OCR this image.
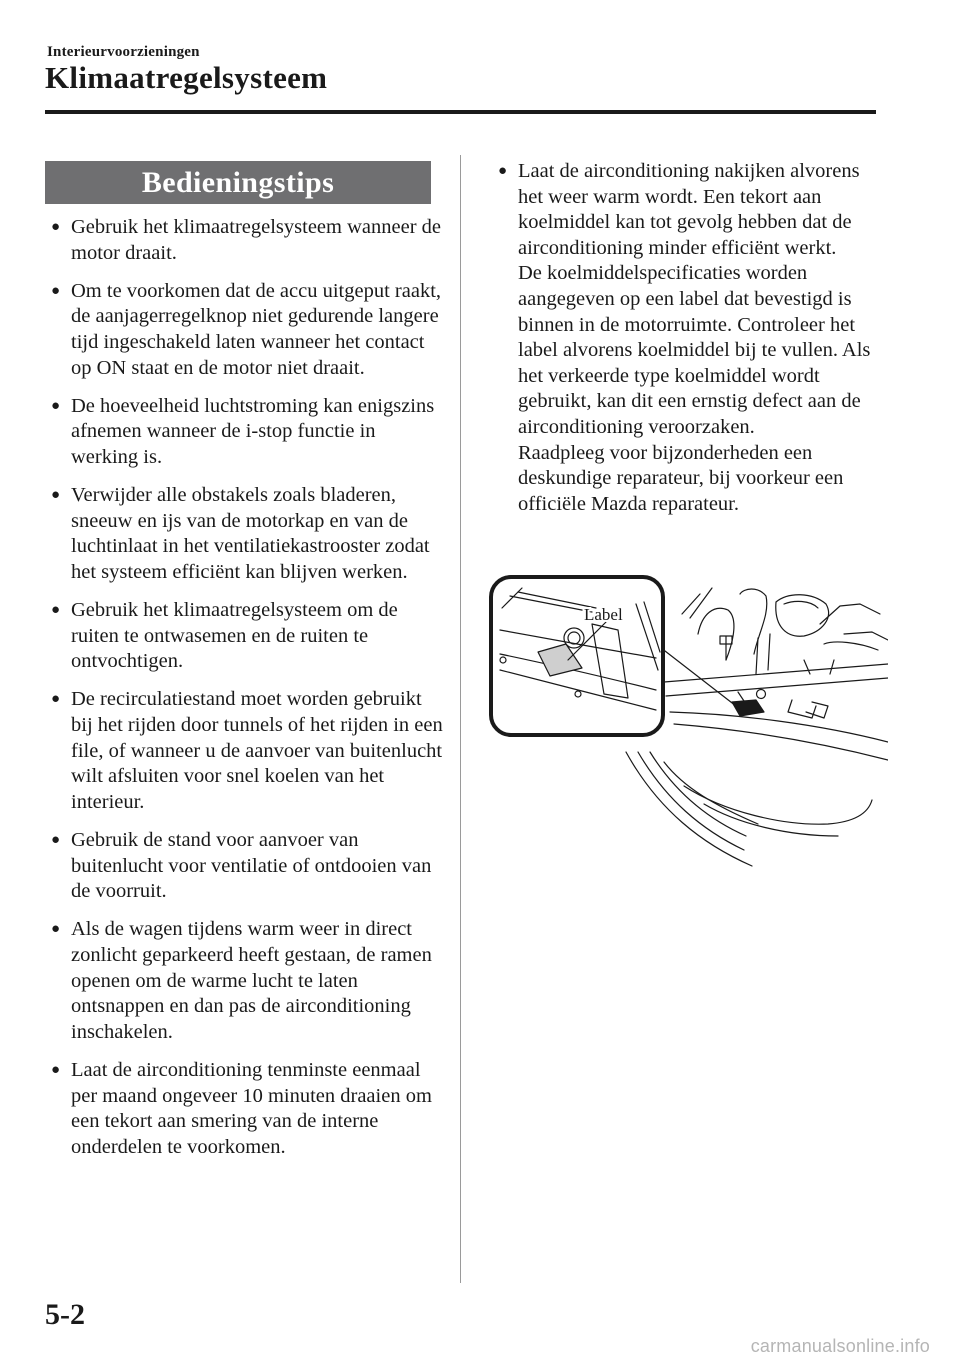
Interieurvoorzieningen
Klimaatregelsysteem
Bedieningstips
● Gebruik het klimaatregelsysteem wanneer de motor draait.
● Om te voorkomen dat de accu uitgeput raakt, de aanjagerregelknop niet gedurende langere tijd ingeschakeld laten wanneer het contact op ON staat en de motor niet draait.
● De hoeveelheid luchtstroming kan enigszins afnemen wanneer de i-stop functie in werking is.
● Verwijder alle obstakels zoals bladeren, sneeuw en ijs van de motorkap en van de luchtinlaat in het ventilatiekastrooster zodat het systeem efficiënt kan blijven werken.
● Gebruik het klimaatregelsysteem om de ruiten te ontwasemen en de ruiten te ontvochtigen.
● De recirculatiestand moet worden gebruikt bij het rijden door tunnels of het rijden in een file, of wanneer u de aanvoer van buitenlucht wilt afsluiten voor snel koelen van het interieur.
● Gebruik de stand voor aanvoer van buitenlucht voor ventilatie of ontdooien van de voorruit.
● Als de wagen tijdens warm weer in direct zonlicht geparkeerd heeft gestaan, de ramen openen om de warme lucht te laten ontsnappen en dan pas de airconditioning inschakelen.
● Laat de airconditioning tenminste eenmaal per maand ongeveer 10 minuten draaien om een tekort aan smering van de interne onderdelen te voorkomen.
● Laat de airconditioning nakijken alvorens het weer warm wordt. Een tekort aan koelmiddel kan tot gevolg hebben dat de airconditioning minder efficiënt werkt.
De koelmiddelspecificaties worden aangegeven op een label dat bevestigd is binnen in de motorruimte. Controleer het label alvorens koelmiddel bij te vullen. Als het verkeerde type koelmiddel wordt gebruikt, kan dit een ernstig defect aan de airconditioning veroorzaken.
Raadpleeg voor bijzonderheden een deskundige reparateur, bij voorkeur een officiële Mazda reparateur.
Label
5-2
carmanualsonline.info
